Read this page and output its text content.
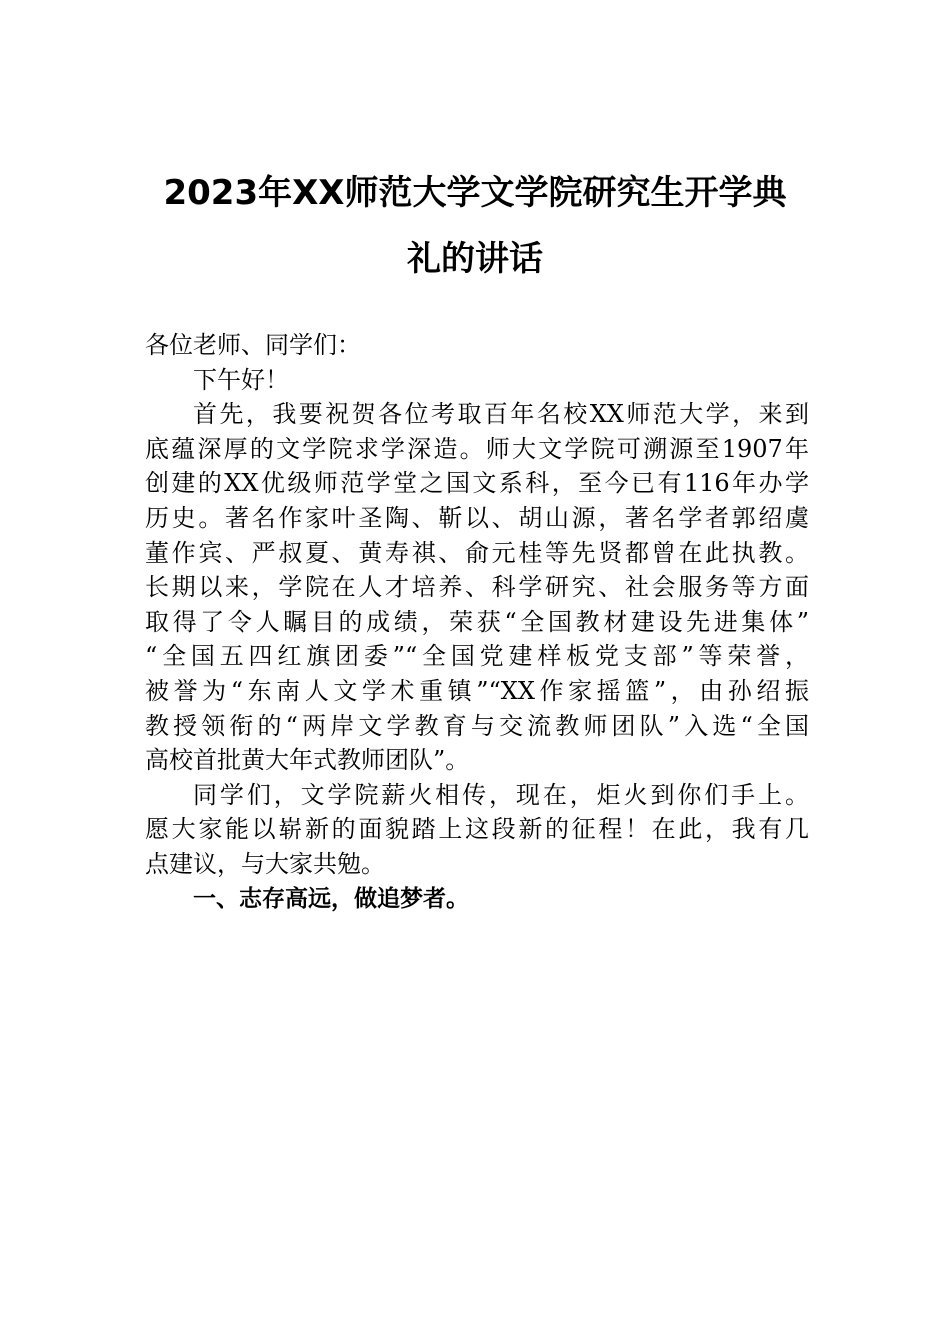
2023年XX师范大学文学院研究生开学典
礼的讲话
各位老师、同学们：
下午好！
首先，我要祝贺各位考取百年名校XX师范大学，来到
底蕴深厚的文学院求学深造。师大文学院可溯源至1907年
创建的XX优级师范学堂之国文系科，至今已有116年办学
历史。著名作家叶圣陶、靳以、胡山源，著名学者郭绍虞
董作宾、严叔夏、黄寿祺、俞元桂等先贤都曾在此执教。
长期以来，学院在人才培养、科学研究、社会服务等方面
取得了令人瞩目的成绩，荣获“全国教材建设先进集体”
“全国五四红旗团委”“全国党建样板党支部”等荣誉，
被誉为“东南人文学术重镇”“XX作家摇篮”，由孙绍振
教授领衔的“两岸文学教育与交流教师团队”入选“全国
高校首批黄大年式教师团队”。
同学们，文学院薪火相传，现在，炬火到你们手上。
愿大家能以崭新的面貌踏上这段新的征程！在此，我有几
点建议，与大家共勉。
一、志存高远，做追梦者。
